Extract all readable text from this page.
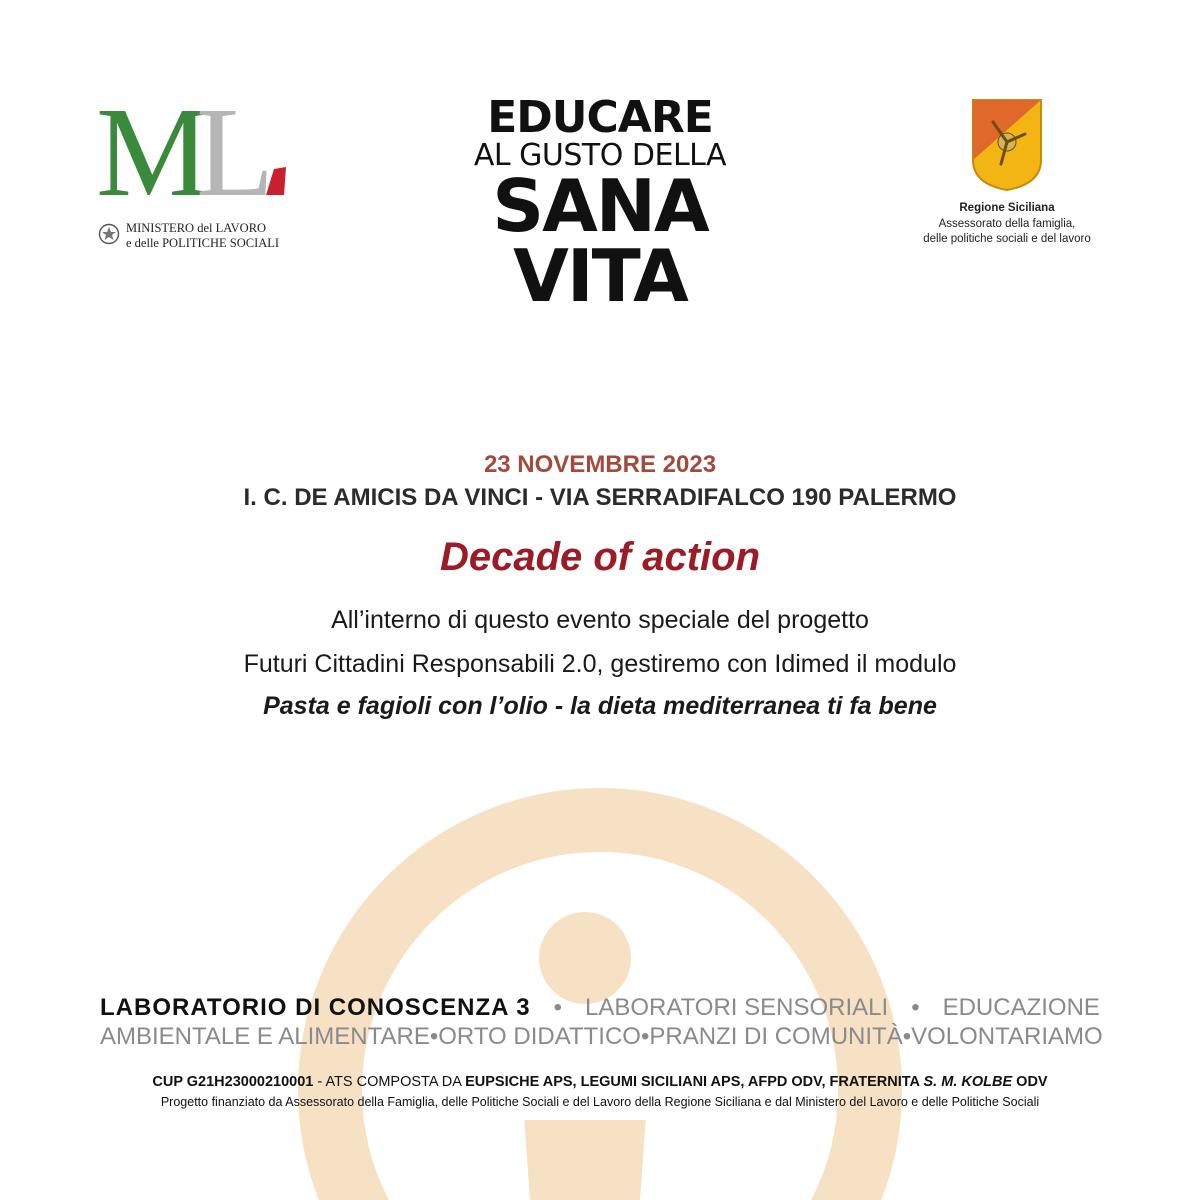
M
L
MINISTERO del LAVORO
e delle POLITICHE SOCIALI
EDUCARE
AL GUSTO DELLA
SANA
VITA
Regione Siciliana
Assessorato della famiglia,
delle politiche sociali e del lavoro
23 NOVEMBRE 2023
I. C. DE AMICIS DA VINCI - VIA SERRADIFALCO 190 PALERMO
Decade of action
All’interno di questo evento speciale del progetto
Futuri Cittadini Responsabili 2.0, gestiremo con Idimed il modulo
Pasta e fagioli con l’olio - la dieta mediterranea ti fa bene
LABORATORIO DI CONOSCENZA 3 • LABORATORI SENSORIALI • EDUCAZIONE
AMBIENTALE E ALIMENTARE • ORTO DIDATTICO • PRANZI DI COMUNITÀ • VOLONTARIAMO
CUP G21H23000210001 - ATS COMPOSTA DA EUPSICHE APS, LEGUMI SICILIANI APS, AFPD ODV, FRATERNITA S. M. KOLBE ODV
Progetto finanziato da Assessorato della Famiglia, delle Politiche Sociali e del Lavoro della Regione Siciliana e dal Ministero del Lavoro e delle Politiche Sociali
